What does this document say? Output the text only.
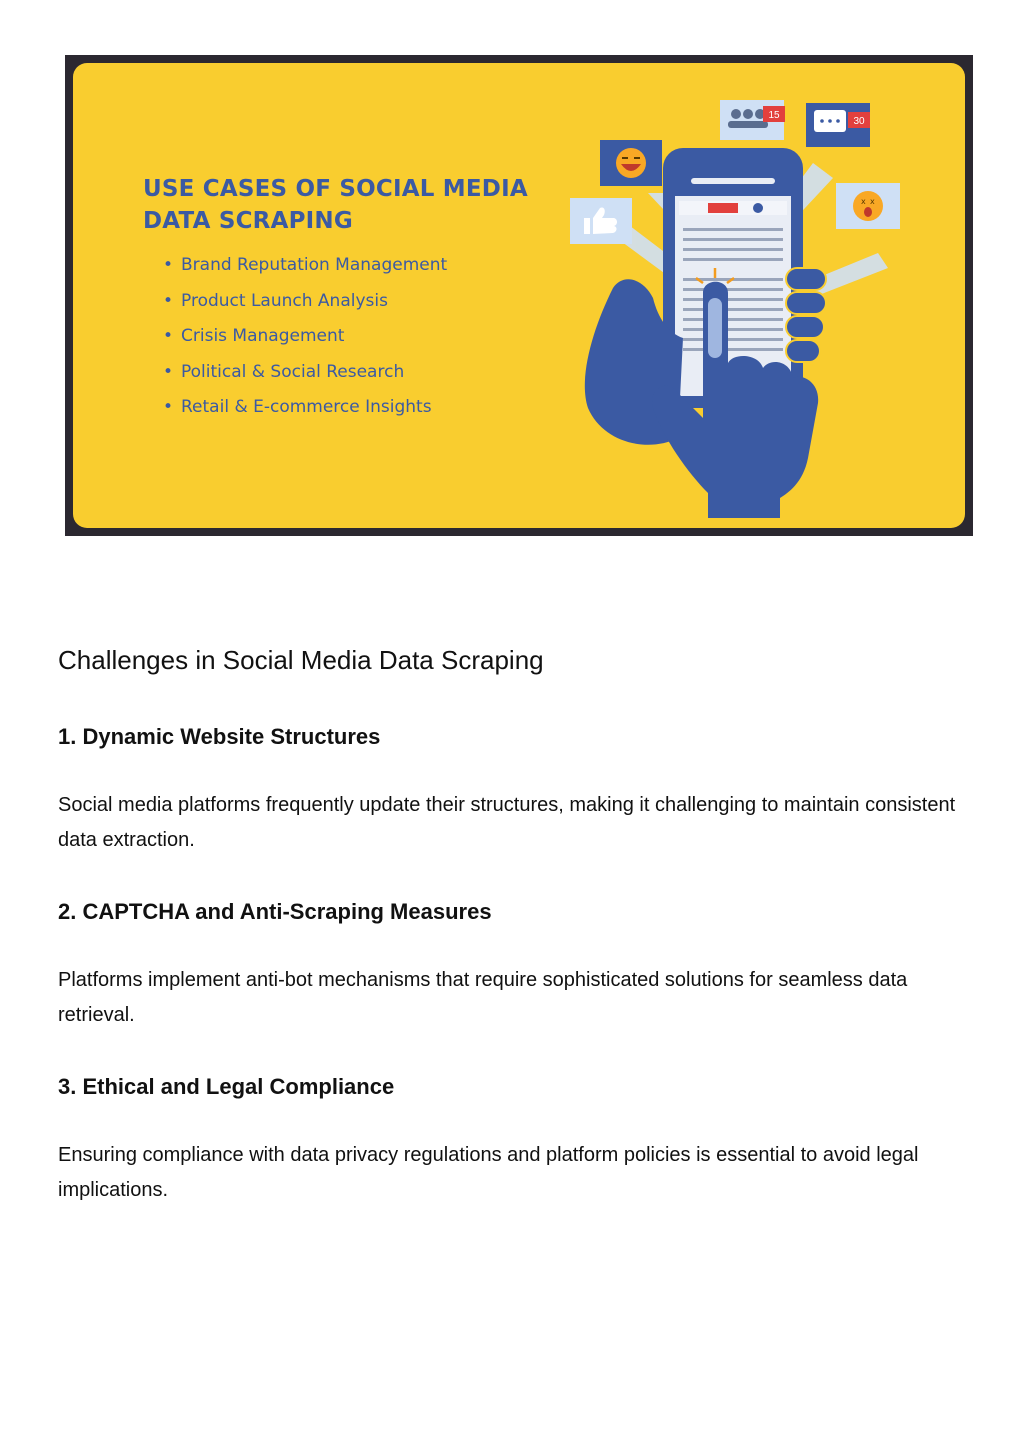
USE CASES OF SOCIAL MEDIA
DATA SCRAPING
• Brand Reputation Management
• Product Launch Analysis
• Crisis Management
• Political & Social Research
• Retail & E-commerce Insights
15
30
x x
Challenges in Social Media Data Scraping
1. Dynamic Website Structures

Social media platforms frequently update their structures, making it challenging to maintain consistent data extraction.

2. CAPTCHA and Anti-Scraping Measures

Platforms implement anti-bot mechanisms that require sophisticated solutions for seamless data retrieval.

3. Ethical and Legal Compliance

Ensuring compliance with data privacy regulations and platform policies is essential to avoid legal implications.
